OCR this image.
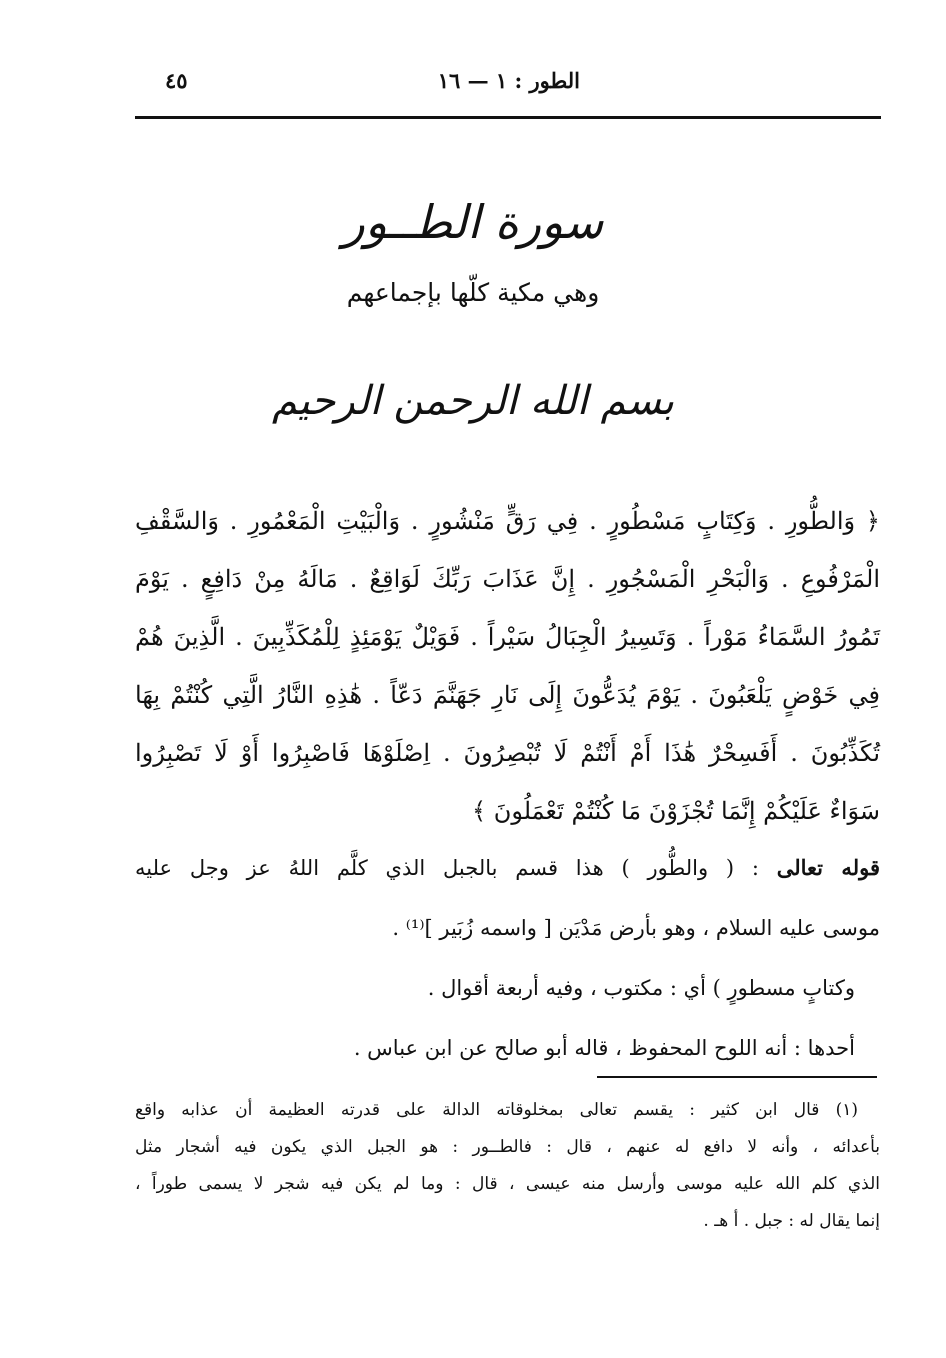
الطور : ١ — ١٦
٤٥
سورة الطــور
وهي مكية كلّها بإجماعهم
بسم الله الرحمن الرحيم
﴿ وَالطُّورِ . وَكِتَابٍ مَسْطُورٍ . فِي رَقٍّ مَنْشُورٍ . وَالْبَيْتِ الْمَعْمُورِ . وَالسَّقْفِ
الْمَرْفُوعِ . وَالْبَحْرِ الْمَسْجُورِ . إِنَّ عَذَابَ رَبِّكَ لَوَاقِعٌ . مَالَهُ مِنْ دَافِعٍ . يَوْمَ
تَمُورُ السَّمَاءُ مَوْراً . وَتَسِيرُ الْجِبَالُ سَيْراً . فَوَيْلٌ يَوْمَئِذٍ لِلْمُكَذِّبِينَ . الَّذِينَ هُمْ
فِي خَوْضٍ يَلْعَبُونَ . يَوْمَ يُدَعُّونَ إِلَى نَارِ جَهَنَّمَ دَعّاً . هَٰذِهِ النَّارُ الَّتِي كُنْتُمْ بِهَا
تُكَذِّبُونَ . أَفَسِحْرٌ هَٰذَا أَمْ أَنْتُمْ لَا تُبْصِرُونَ . اِصْلَوْهَا فَاصْبِرُوا أَوْ لَا تَصْبِرُوا
سَوَاءٌ عَلَيْكُمْ إِنَّمَا تُجْزَوْنَ مَا كُنْتُمْ تَعْمَلُونَ ﴾
قوله تعالى : ( والطُّور ) هذا قسم بالجبل الذي كلَّم اللهُ عز وجل عليه
موسى عليه السلام ، وهو بأرض مَدْيَن [ واسمه زُبَير ]⁽¹⁾ .
وكتابٍ مسطورٍ ) أي : مكتوب ، وفيه أربعة أقوال .
أحدها : أنه اللوح المحفوظ ، قاله أبو صالح عن ابن عباس .
(١) قال ابن كثير : يقسم تعالى بمخلوقاته الدالة على قدرته العظيمة أن عذابه واقع
بأعدائه ، وأنه لا دافع له عنهم ، قال : فالطــور : هو الجبل الذي يكون فيه أشجار مثل
الذي كلم الله عليه موسى وأرسل منه عيسى ، قال : وما لم يكن فيه شجر لا يسمى طوراً ،
إنما يقال له : جبل . أ هـ .
